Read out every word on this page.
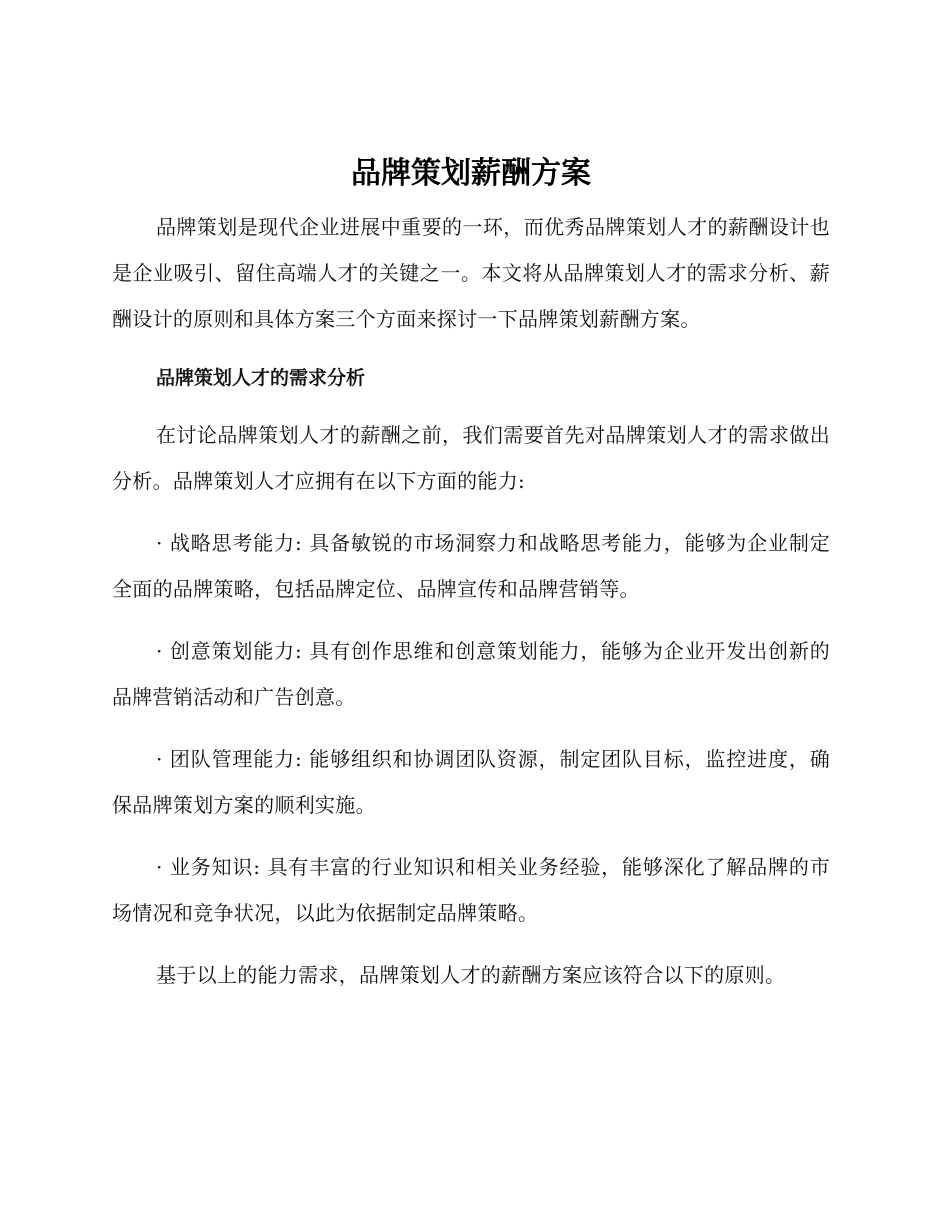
品牌策划薪酬方案

品牌策划是现代企业进展中重要的一环，而优秀品牌策划人才的薪酬设计也是企业吸引、留住高端人才的关键之一。本文将从品牌策划人才的需求分析、薪酬设计的原则和具体方案三个方面来探讨一下品牌策划薪酬方案。

品牌策划人才的需求分析

在讨论品牌策划人才的薪酬之前，我们需要首先对品牌策划人才的需求做出分析。品牌策划人才应拥有在以下方面的能力:

· 战略思考能力: 具备敏锐的市场洞察力和战略思考能力，能够为企业制定全面的品牌策略，包括品牌定位、品牌宣传和品牌营销等。

· 创意策划能力: 具有创作思维和创意策划能力，能够为企业开发出创新的品牌营销活动和广告创意。

· 团队管理能力: 能够组织和协调团队资源，制定团队目标，监控进度，确保品牌策划方案的顺利实施。

· 业务知识: 具有丰富的行业知识和相关业务经验，能够深化了解品牌的市场情况和竞争状况，以此为依据制定品牌策略。

基于以上的能力需求，品牌策划人才的薪酬方案应该符合以下的原则。
